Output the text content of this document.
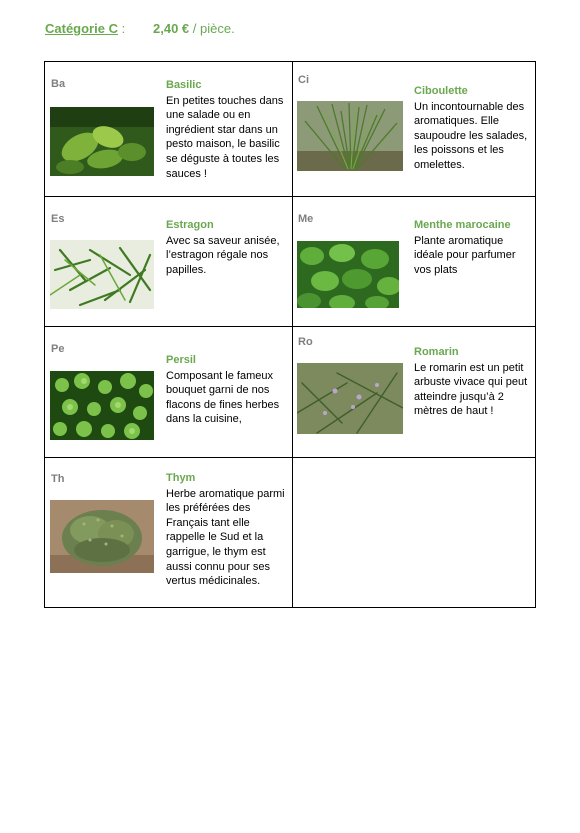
Catégorie C : 2,40 € / pièce.
Ba Basilic
En petites touches dans une salade ou en ingrédient star dans un pesto maison, le basilic se déguste à toutes les sauces !	Ci
Ciboulette
Un incontournable des aromatiques. Elle saupoudre les salades, les poissons et les omelettes.

Es Estragon
Avec sa saveur anisée, l’estragon régale nos papilles.	Me Menthe marocaine
Plante aromatique idéale pour parfumer vos plats

Pe
Persil
Composant le fameux bouquet garni de nos flacons de fines herbes dans la cuisine,	Ro
Romarin
Le romarin est un petit arbuste vivace qui peut atteindre jusqu’à 2 mètres de haut !

Th Thym
Herbe aromatique parmi les préférées des Français tant elle rappelle le Sud et la garrigue, le thym est aussi connu pour ses vertus médicinales.	
